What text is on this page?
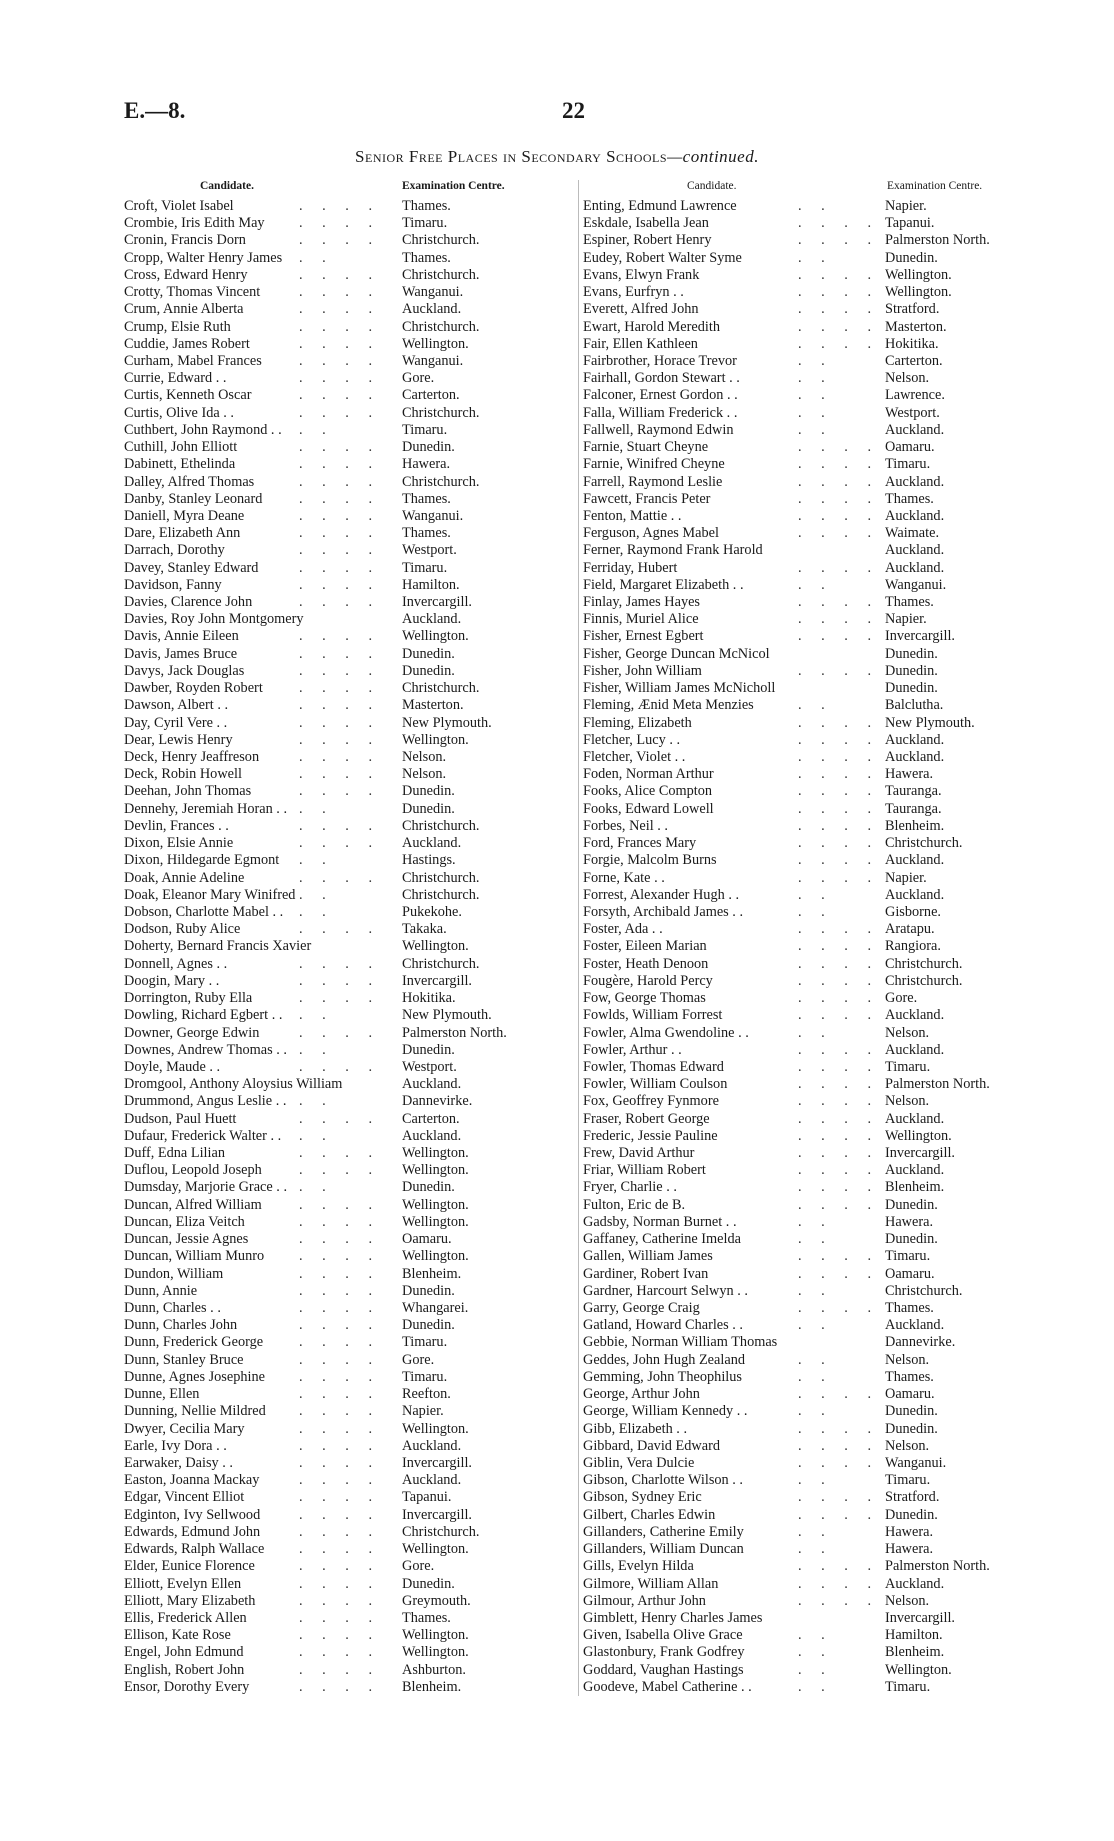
E.—8.	22
Senior Free Places in Secondary Schools—continued.
Candidate.	Examination Centre.
Croft, Violet Isabel	. . . . Thames.
Crombie, Iris Edith May . . . . Timaru.
Cronin, Francis Dorn	. . . . Christchurch.
Cropp, Walter Henry James . .	Thames.
Cross, Edward Henry	. . . . Christchurch.
Crotty, Thomas Vincent	. . . . Wanganui.
Crum, Annie Alberta	. . . . Auckland.
Crump, Elsie Ruth	. . . . Christchurch.
Cuddie, James Robert	. . . . Wellington.
Curham, Mabel Frances	. . . . Wanganui.
Currie, Edward . .	. . . . Gore.
Curtis, Kenneth Oscar	. . . . Carterton.
Curtis, Olive Ida . .	. . . . Christchurch.
Cuthbert, John Raymond . . . .	Timaru.
Cuthill, John Elliott	. . . . Dunedin.
Dabinett, Ethelinda	. . . . Hawera.
Dalley, Alfred Thomas	. . . . Christchurch.
Danby, Stanley Leonard	. . . . Thames.
Daniell, Myra Deane	. . . . Wanganui.
Dare, Elizabeth Ann	. . . . Thames.
Darrach, Dorothy	. . . . Westport.
Davey, Stanley Edward	. . . . Timaru.
Davidson, Fanny	. . . . Hamilton.
Davies, Clarence John	. . . . Invercargill.
Davies, Roy John Montgomery	Auckland.
Davis, Annie Eileen	. . . . Wellington.
Davis, James Bruce	. . . . Dunedin.
Davys, Jack Douglas	. . . . Dunedin.
Dawber, Royden Robert	. . . . Christchurch.
Dawson, Albert . .	. . . . Masterton.
Day, Cyril Vere . .	. . . . New Plymouth.
Dear, Lewis Henry	. . . . Wellington.
Deck, Henry Jeaffreson	. . . . Nelson.
Deck, Robin Howell	. . . . Nelson.
Deehan, John Thomas	. . . . Dunedin.
Dennehy, Jeremiah Horan . . . .	Dunedin.
Devlin, Frances . .	. . . . Christchurch.
Dixon, Elsie Annie	. . . . Auckland.
Dixon, Hildegarde Egmont . .	Hastings.
Doak, Annie Adeline	. . . . Christchurch.
Doak, Eleanor Mary Winifred . .	Christchurch.
Dobson, Charlotte Mabel . . . .	Pukekohe.
Dodson, Ruby Alice	. . . . Takaka.
Doherty, Bernard Francis Xavier	Wellington.
Donnell, Agnes . .	. . . . Christchurch.
Doogin, Mary . .	. . . . Invercargill.
Dorrington, Ruby Ella	. . . . Hokitika.
Dowling, Richard Egbert . . . .	New Plymouth.
Downer, George Edwin	. . . . Palmerston North.
Downes, Andrew Thomas . . . .	Dunedin.
Doyle, Maude . .	. . . . Westport.
Dromgool, Anthony Aloysius William	Auckland.
Drummond, Angus Leslie . . . .	Dannevirke.
Dudson, Paul Huett	. . . . Carterton.
Dufaur, Frederick Walter . . . .	Auckland.
Duff, Edna Lilian	. . . . Wellington.
Duflou, Leopold Joseph	. . . . Wellington.
Dumsday, Marjorie Grace . . . .	Dunedin.
Duncan, Alfred William	. . . . Wellington.
Duncan, Eliza Veitch	. . . . Wellington.
Duncan, Jessie Agnes	. . . . Oamaru.
Duncan, William Munro . . . . Wellington.
Dundon, William	. . . . Blenheim.
Dunn, Annie	. . . . Dunedin.
Dunn, Charles . .	. . . . Whangarei.
Dunn, Charles John	. . . . Dunedin.
Dunn, Frederick George	. . . . Timaru.
Dunn, Stanley Bruce	. . . . Gore.
Dunne, Agnes Josephine . . . . Timaru.
Dunne, Ellen	. . . . Reefton.
Dunning, Nellie Mildred . . . . Napier.
Dwyer, Cecilia Mary	. . . . Wellington.
Earle, Ivy Dora . .	. . . . Auckland.
Earwaker, Daisy . .	. . . . Invercargill.
Easton, Joanna Mackay	. . . . Auckland.
Edgar, Vincent Elliot	. . . . Tapanui.
Edginton, Ivy Sellwood	. . . . Invercargill.
Edwards, Edmund John	. . . . Christchurch.
Edwards, Ralph Wallace . . . . Wellington.
Elder, Eunice Florence	. . . . Gore.
Elliott, Evelyn Ellen	. . . . Dunedin.
Elliott, Mary Elizabeth	. . . . Greymouth.
Ellis, Frederick Allen	. . . . Thames.
Ellison, Kate Rose	. . . . Wellington.
Engel, John Edmund	. . . . Wellington.
English, Robert John	. . . . Ashburton.
Ensor, Dorothy Every	. . . . Blenheim.
Candidate.	Examination Centre.
Enting, Edmund Lawrence	. .	Napier.
Eskdale, Isabella Jean	. . . . Tapanui.
Espiner, Robert Henry	. . . . Palmerston North.
Eudey, Robert Walter Syme	. .	Dunedin.
Evans, Elwyn Frank	. . . . Wellington.
Evans, Eurfryn . .	. . . . Wellington.
Everett, Alfred John	. . . . Stratford.
Ewart, Harold Meredith	. . . . Masterton.
Fair, Ellen Kathleen	. . . . Hokitika.
Fairbrother, Horace Trevor	. .	Carterton.
Fairhall, Gordon Stewart . .	. .	Nelson.
Falconer, Ernest Gordon . .	. .	Lawrence.
Falla, William Frederick . .	. .	Westport.
Fallwell, Raymond Edwin	. .	Auckland.
Farnie, Stuart Cheyne	. . . . Oamaru.
Farnie, Winifred Cheyne	. . . . Timaru.
Farrell, Raymond Leslie	. . . . Auckland.
Fawcett, Francis Peter	. . . . Thames.
Fenton, Mattie . .	. . . . Auckland.
Ferguson, Agnes Mabel	. . . . Waimate.
Ferner, Raymond Frank Harold	Auckland.
Ferriday, Hubert	. . . . Auckland.
Field, Margaret Elizabeth . .	. .	Wanganui.
Finlay, James Hayes	. . . . Thames.
Finnis, Muriel Alice	. . . . Napier.
Fisher, Ernest Egbert	. . . . Invercargill.
Fisher, George Duncan McNicol	Dunedin.
Fisher, John William	. . . . Dunedin.
Fisher, William James McNicholl	Dunedin.
Fleming, Ænid Meta Menzies	. .	Balclutha.
Fleming, Elizabeth	. . . . New Plymouth.
Fletcher, Lucy . .	. . . . Auckland.
Fletcher, Violet . .	. . . . Auckland.
Foden, Norman Arthur	. . . . Hawera.
Fooks, Alice Compton	. . . . Tauranga.
Fooks, Edward Lowell	. . . . Tauranga.
Forbes, Neil . .	. . . . Blenheim.
Ford, Frances Mary	. . . . Christchurch.
Forgie, Malcolm Burns	. . . . Auckland.
Forne, Kate . .	. . . . Napier.
Forrest, Alexander Hugh . .	. .	Auckland.
Forsyth, Archibald James . .	. .	Gisborne.
Foster, Ada . .	. . . . Aratapu.
Foster, Eileen Marian	. . . . Rangiora.
Foster, Heath Denoon	. . . . Christchurch.
Fougère, Harold Percy	. . . . Christchurch.
Fow, George Thomas	. . . . Gore.
Fowlds, William Forrest	. . . . Auckland.
Fowler, Alma Gwendoline . .	. .	Nelson.
Fowler, Arthur . .	. . . . Auckland.
Fowler, Thomas Edward	. . . . Timaru.
Fowler, William Coulson	. . . . Palmerston North.
Fox, Geoffrey Fynmore	. . . . Nelson.
Fraser, Robert George	. . . . Auckland.
Frederic, Jessie Pauline	. . . . Wellington.
Frew, David Arthur	. . . . Invercargill.
Friar, William Robert	. . . . Auckland.
Fryer, Charlie . .	. . . . Blenheim.
Fulton, Eric de B.	. . . . Dunedin.
Gadsby, Norman Burnet . .	. .	Hawera.
Gaffaney, Catherine Imelda	. .	Dunedin.
Gallen, William James	. . . . Timaru.
Gardiner, Robert Ivan	. . . . Oamaru.
Gardner, Harcourt Selwyn . .	. .	Christchurch.
Garry, George Craig	. . . . Thames.
Gatland, Howard Charles . .	. .	Auckland.
Gebbie, Norman William Thomas	Dannevirke.
Geddes, John Hugh Zealand	. .	Nelson.
Gemming, John Theophilus	. .	Thames.
George, Arthur John	. . . . Oamaru.
George, William Kennedy . .	. .	Dunedin.
Gibb, Elizabeth . .	. . . . Dunedin.
Gibbard, David Edward	. . . . Nelson.
Giblin, Vera Dulcie	. . . . Wanganui.
Gibson, Charlotte Wilson . .	. .	Timaru.
Gibson, Sydney Eric	. . . . Stratford.
Gilbert, Charles Edwin	. . . . Dunedin.
Gillanders, Catherine Emily	. .	Hawera.
Gillanders, William Duncan	. .	Hawera.
Gills, Evelyn Hilda	. . . . Palmerston North.
Gilmore, William Allan	. . . . Auckland.
Gilmour, Arthur John	. . . . Nelson.
Gimblett, Henry Charles James	Invercargill.
Given, Isabella Olive Grace	. .	Hamilton.
Glastonbury, Frank Godfrey	. .	Blenheim.
Goddard, Vaughan Hastings	. .	Wellington.
Goodeve, Mabel Catherine . .	. .	Timaru.
